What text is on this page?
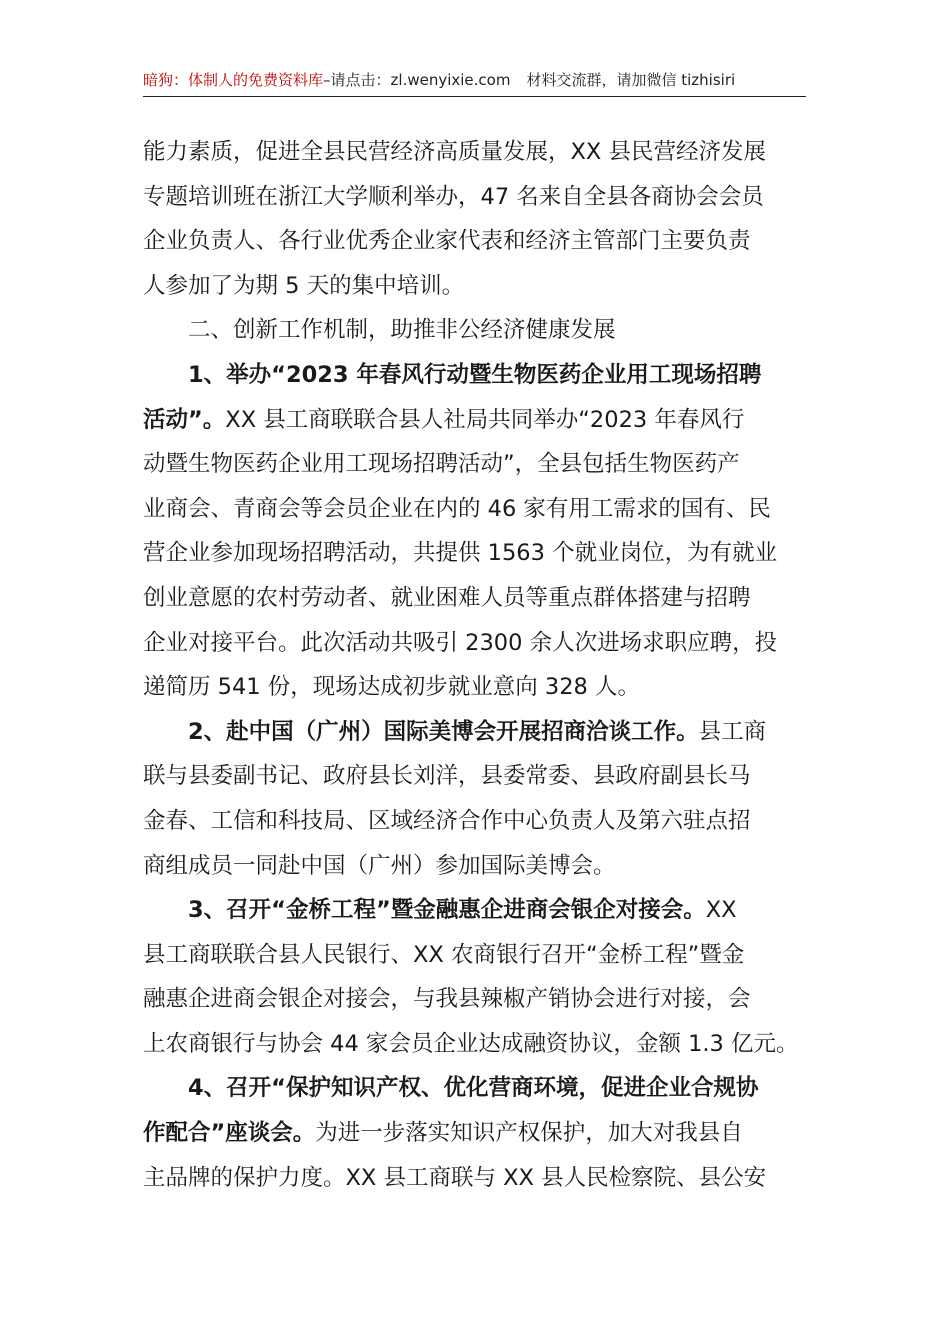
暗狗：体制人的免费资料库–请点击：zl.wenyixie.com 材料交流群，请加微信 tizhisiri
能力素质，促进全县民营经济高质量发展，XX 县民营经济发展
专题培训班在浙江大学顺利举办，47 名来自全县各商协会会员
企业负责人、各行业优秀企业家代表和经济主管部门主要负责
人参加了为期 5 天的集中培训。
二、创新工作机制，助推非公经济健康发展
1、举办“2023 年春风行动暨生物医药企业用工现场招聘
活动”。XX 县工商联联合县人社局共同举办“2023 年春风行
动暨生物医药企业用工现场招聘活动”，全县包括生物医药产
业商会、青商会等会员企业在内的 46 家有用工需求的国有、民
营企业参加现场招聘活动，共提供 1563 个就业岗位，为有就业
创业意愿的农村劳动者、就业困难人员等重点群体搭建与招聘
企业对接平台。此次活动共吸引 2300 余人次进场求职应聘，投
递简历 541 份，现场达成初步就业意向 328 人。
2、赴中国（广州）国际美博会开展招商洽谈工作。县工商
联与县委副书记、政府县长刘洋，县委常委、县政府副县长马
金春、工信和科技局、区域经济合作中心负责人及第六驻点招
商组成员一同赴中国（广州）参加国际美博会。
3、召开“金桥工程”暨金融惠企进商会银企对接会。XX
县工商联联合县人民银行、XX 农商银行召开“金桥工程”暨金
融惠企进商会银企对接会，与我县辣椒产销协会进行对接，会
上农商银行与协会 44 家会员企业达成融资协议，金额 1.3 亿元。
4、召开“保护知识产权、优化营商环境，促进企业合规协
作配合”座谈会。为进一步落实知识产权保护，加大对我县自
主品牌的保护力度。XX 县工商联与 XX 县人民检察院、县公安
